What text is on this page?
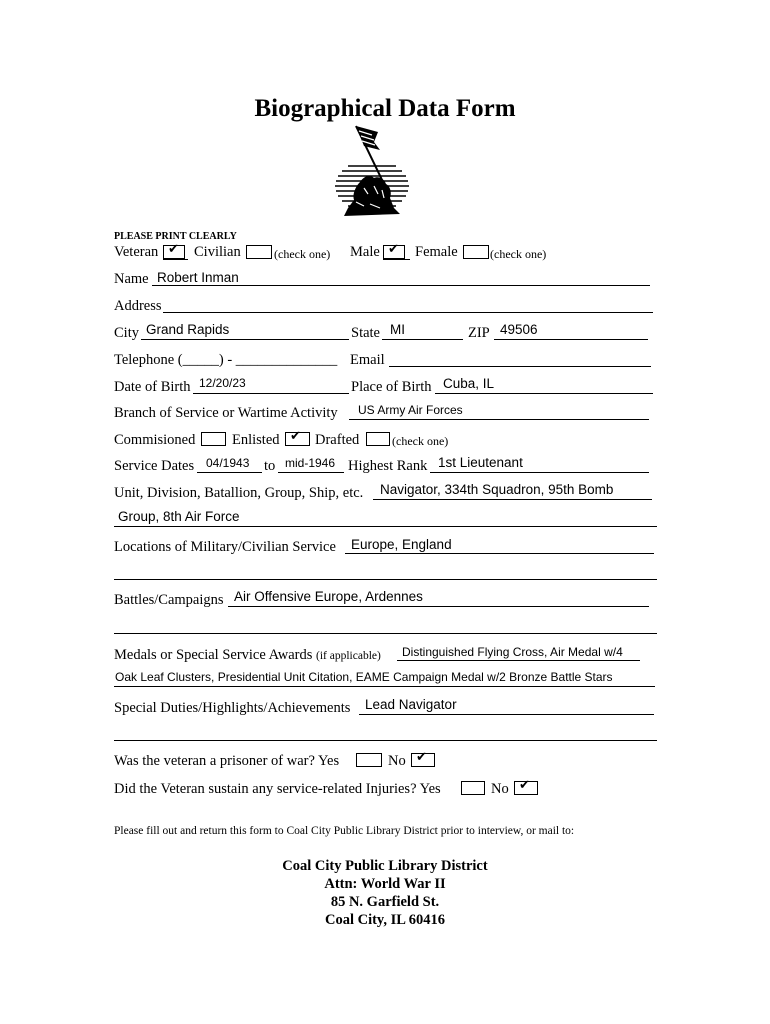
Biographical Data Form
PLEASE PRINT CLEARLY
Veteran ✔ Civilian	(check one) Male ✔ Female	(check one)
Name Robert Inman
Address
City Grand Rapids	State MI	ZIP 49506
Telephone (_____) - ______________ Email
Date of Birth 12/20/23	Place of Birth Cuba, IL
Branch of Service or Wartime Activity US Army Air Forces
Commisioned	Enlisted ✔ Drafted	(check one)
Service Dates 04/1943 to mid-1946 Highest Rank 1st Lieutenant
Unit, Division, Batallion, Group, Ship, etc. Navigator, 334th Squadron, 95th Bomb
Group, 8th Air Force
Locations of Military/Civilian Service Europe, England
Battles/Campaigns Air Offensive Europe, Ardennes
Medals or Special Service Awards (if applicable) Distinguished Flying Cross, Air Medal w/4
Oak Leaf Clusters, Presidential Unit Citation, EAME Campaign Medal w/2 Bronze Battle Stars
Special Duties/Highlights/Achievements Lead Navigator
Was the veteran a prisoner of war? Yes	No ✔
Did the Veteran sustain any service-related Injuries? Yes	No ✔
Please fill out and return this form to Coal City Public Library District prior to interview, or mail to:
Coal City Public Library District
Attn: World War II
85 N. Garfield St.
Coal City, IL 60416
